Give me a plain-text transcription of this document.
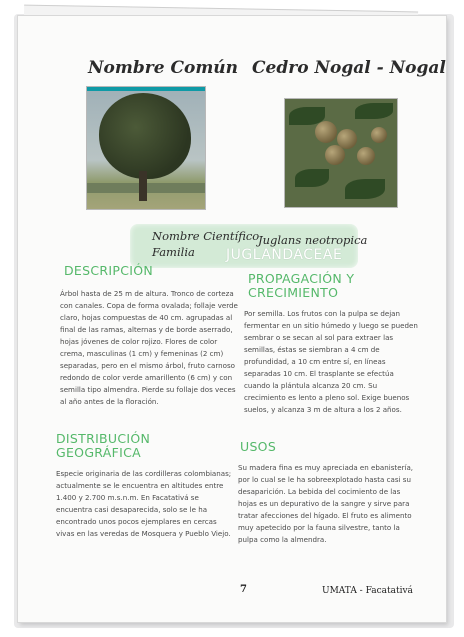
Nombre Común Cedro Nogal - Nogal
Nombre Científico
Juglans neotropica
Familia JUGLANDACEAE
DESCRIPCIÓN
Árbol hasta de 25 m de altura. Tronco de corteza con canales. Copa de forma ovalada; follaje verde claro, hojas compuestas de 40 cm. agrupadas al final de las ramas, alternas y de borde aserrado, hojas jóvenes de color rojizo. Flores de color crema, masculinas (1 cm) y femeninas (2 cm) separadas, pero en el mismo árbol, fruto carnoso redondo de color verde amarillento (6 cm) y con semilla tipo almendra. Pierde su follaje dos veces al año antes de la floración.
PROPAGACIÓN Y
CRECIMIENTO
Por semilla. Los frutos con la pulpa se dejan fermentar en un sitio húmedo y luego se pueden sembrar o se secan al sol para extraer las semillas, éstas se siembran a 4 cm de profundidad, a 10 cm entre sí, en líneas separadas 10 cm. El trasplante se efectúa cuando la plántula alcanza 20 cm. Su crecimiento es lento a pleno sol. Exige buenos suelos, y alcanza 3 m de altura a los 2 años.
DISTRIBUCIÓN
GEOGRÁFICA
Especie originaria de las cordilleras colombianas; actualmente se le encuentra en altitudes entre 1.400 y 2.700 m.s.n.m. En Facatativá se encuentra casi desaparecida, solo se le ha encontrado unos pocos ejemplares en cercas vivas en las veredas de Mosquera y Pueblo Viejo.
USOS
Su madera fina es muy apreciada en ebanistería, por lo cual se le ha sobreexplotado hasta casi su desaparición. La bebida del cocimiento de las hojas es un depurativo de la sangre y sirve para tratar afecciones del hígado. El fruto es alimento muy apetecido por la fauna silvestre, tanto la pulpa como la almendra.
7	UMATA - Facatativá
